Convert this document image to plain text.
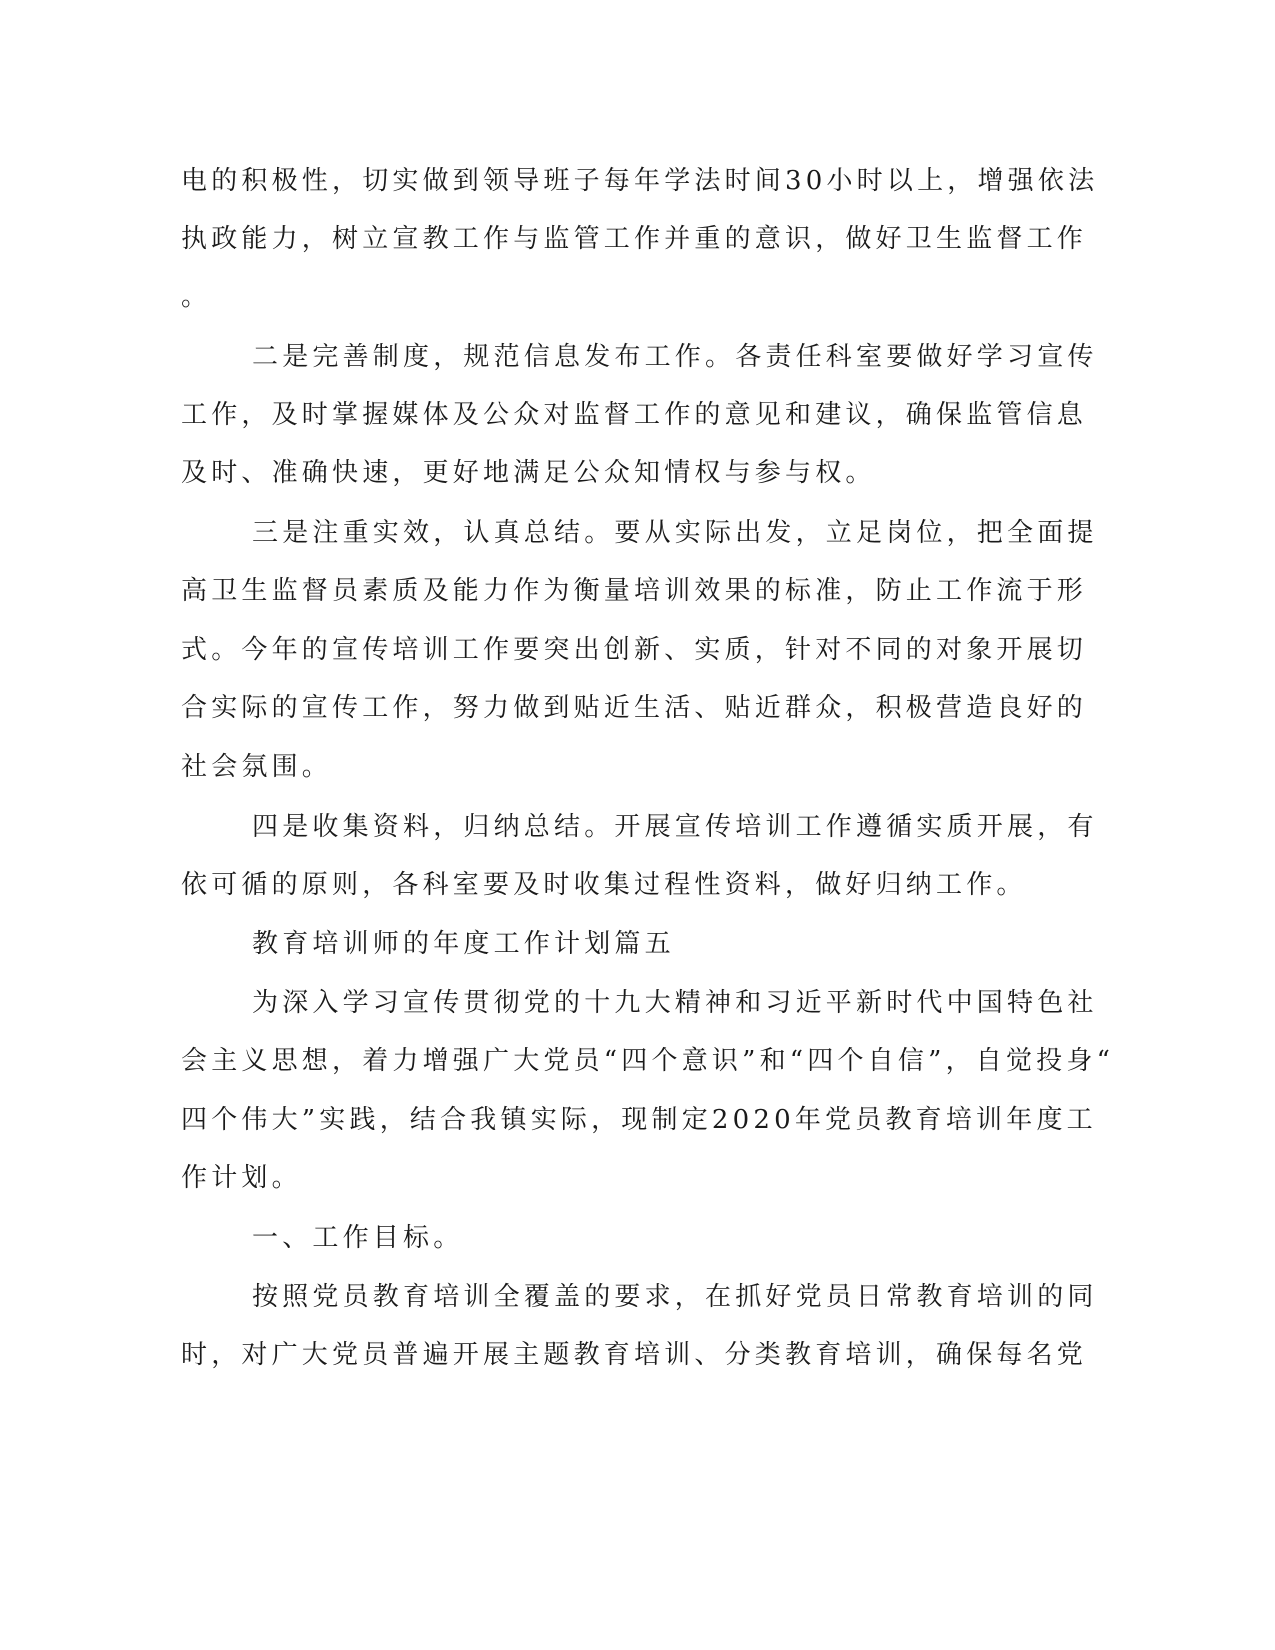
电的积极性，切实做到领导班子每年学法时间30小时以上，增强依法
执政能力，树立宣教工作与监管工作并重的意识，做好卫生监督工作
。
二是完善制度，规范信息发布工作。各责任科室要做好学习宣传
工作，及时掌握媒体及公众对监督工作的意见和建议，确保监管信息
及时、准确快速，更好地满足公众知情权与参与权。
三是注重实效，认真总结。要从实际出发，立足岗位，把全面提
高卫生监督员素质及能力作为衡量培训效果的标准，防止工作流于形
式。今年的宣传培训工作要突出创新、实质，针对不同的对象开展切
合实际的宣传工作，努力做到贴近生活、贴近群众，积极营造良好的
社会氛围。
四是收集资料，归纳总结。开展宣传培训工作遵循实质开展，有
依可循的原则，各科室要及时收集过程性资料，做好归纳工作。
教育培训师的年度工作计划篇五
为深入学习宣传贯彻党的十九大精神和习近平新时代中国特色社
会主义思想，着力增强广大党员“四个意识”和“四个自信”，自觉投身“
四个伟大”实践，结合我镇实际，现制定2020年党员教育培训年度工
作计划。
一、工作目标。
按照党员教育培训全覆盖的要求，在抓好党员日常教育培训的同
时，对广大党员普遍开展主题教育培训、分类教育培训，确保每名党
